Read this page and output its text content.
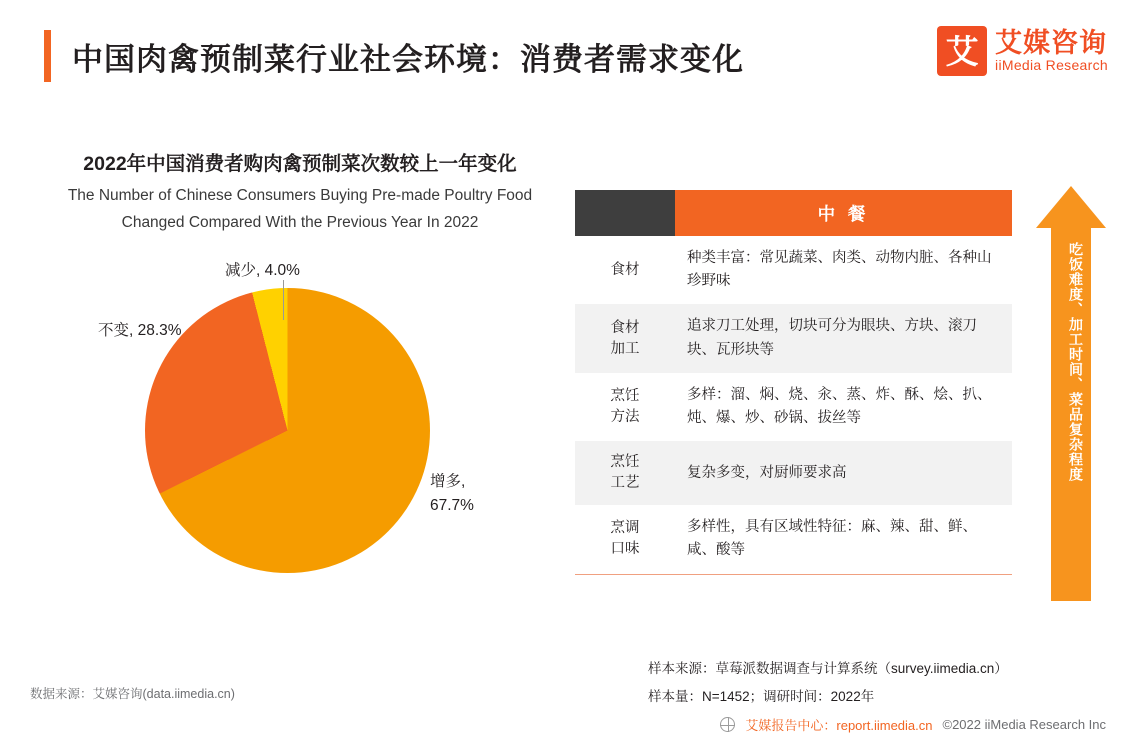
中国肉禽预制菜行业社会环境：消费者需求变化	艾 艾媒咨询
iiMedia Research
2022年中国消费者购肉禽预制菜次数较上一年变化
The Number of Chinese Consumers Buying Pre-made Poultry Food
Changed Compared With the Previous Year In 2022
减少, 4.0%
不变, 28.3%
增多,
67.7%
数据来源：艾媒咨询(data.iimedia.cn)
	中 餐
食材	种类丰富：常见蔬菜、肉类、动物内脏、各种山珍野味

食材
加工	追求刀工处理，切块可分为眼块、方块、滚刀块、瓦形块等

烹饪
方法	多样：溜、焖、烧、汆、蒸、炸、酥、烩、扒、炖、爆、炒、砂锅、拔丝等

烹饪
工艺	复杂多变，对厨师要求高

烹调
口味	多样性，具有区域性特征：麻、辣、甜、鲜、咸、酸等
吃饭难度、加工时间、菜品复杂程度
样本来源：草莓派数据调查与计算系统（survey.iimedia.cn）
样本量：N=1452；调研时间：2022年
艾媒报告中心：report.iimedia.cn ©2022 iiMedia Research Inc
